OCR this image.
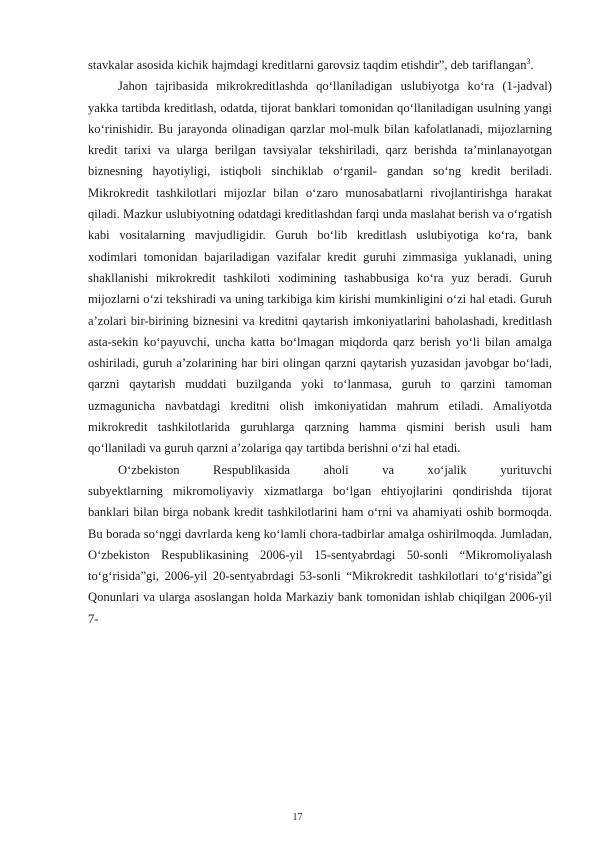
stavkalar asosida kichik hajmdagi kreditlarni garovsiz taqdim etishdir”, deb tariflangan$^3$.

Jahon tajribasida mikrokreditlashda qo‘llaniladigan uslubiyotga ko‘ra (1-jadval) yakka tartibda kreditlash, odatda, tijorat banklari tomonidan qo‘llaniladigan usulning yangi ko‘rinishidir. Bu jarayonda olinadigan qarzlar mol-mulk bilan kafolatlanadi, mijozlarning kredit tarixi va ularga berilgan tavsiyalar tekshiriladi, qarz berishda ta’minlanayotgan biznesning hayotiyligi, istiqboli sinchiklab o‘rganil- gandan so‘ng kredit beriladi. Mikrokredit tashkilotlari mijozlar bilan o‘zaro munosabatlarni rivojlantirishga harakat qiladi. Mazkur uslubiyotning odatdagi kreditlashdan farqi unda maslahat berish va o‘rgatish kabi vositalarning mavjudligidir. Guruh bo‘lib kreditlash uslubiyotiga ko‘ra, bank xodimlari tomonidan bajariladigan vazifalar kredit guruhi zimmasiga yuklanadi, uning shakllanishi mikrokredit tashkiloti xodimining tashabbusiga ko‘ra yuz beradi. Guruh mijozlarni o‘zi tekshiradi va uning tarkibiga kim kirishi mumkinligini o‘zi hal etadi. Guruh a’zolari bir-birining biznesini va kreditni qaytarish imkoniyatlarini baholashadi, kreditlash asta-sekin ko‘payuvchi, uncha katta bo‘lmagan miqdorda qarz berish yo‘li bilan amalga oshiriladi, guruh a’zolarining har biri olingan qarzni qaytarish yuzasidan javobgar bo‘ladi, qarzni qaytarish muddati buzilganda yoki to‘lanmasa, guruh to qarzini tamoman uzmagunicha navbatdagi kreditni olish imkoniyatidan mahrum etiladi. Amaliyotda mikrokredit tashkilotlarida guruhlarga qarzning hamma qismini berish usuli ham qo‘llaniladi va guruh qarzni a’zolariga qay tartibda berishni o‘zi hal etadi.

O‘zbekiston Respublikasida aholi va xo‘jalik yurituvchi

subyektlarning mikromoliyaviy xizmatlarga bo‘lgan ehtiyojlarini qondirishda tijorat banklari bilan birga nobank kredit tashkilotlarini ham o‘rni va ahamiyati oshib bormoqda. Bu borada so‘nggi davrlarda keng ko‘lamli chora-tadbirlar amalga oshirilmoqda. Jumladan, O‘zbekiston Respublikasining 2006-yil 15-sentyabrdagi 50-sonli “Mikromoliyalash to‘g‘risida”gi, 2006-yil 20-sentyabrdagi 53-sonli “Mikrokredit tashkilotlari to‘g‘risida”gi Qonunlari va ularga asoslangan holda Markaziy bank tomonidan ishlab chiqilgan 2006-yil 7-

17
